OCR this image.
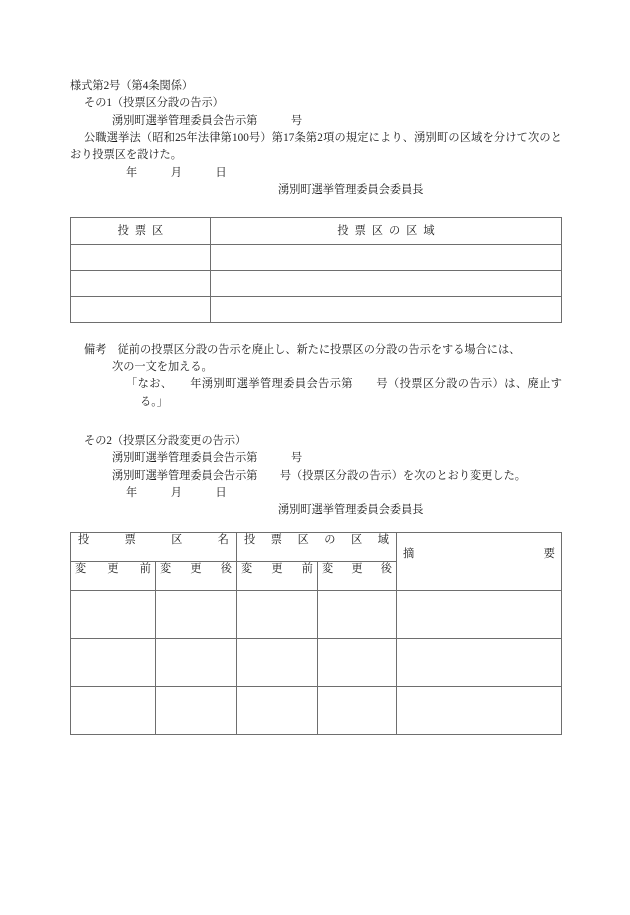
様式第2号（第4条関係）
その1（投票区分設の告示）
湧別町選挙管理委員会告示第　　　号
公職選挙法（昭和25年法律第100号）第17条第2項の規定により、湧別町の区域を分けて次のとおり投票区を設けた。
年　　　月　　　日
湧別町選挙管理委員会委員長
投票区	投票区の区域

備考　 従前の投票区分設の告示を廃止し、新たに投票区の分設の告示をする場合には、
次の一文を加える。
「なお、　　年湧別町選挙管理委員会告示第　　号（投票区分設の告示）は、廃止する。」
その2（投票区分設変更の告示）
湧別町選挙管理委員会告示第　　　号
湧別町選挙管理委員会告示第　　号（投票区分設の告示）を次のとおり変更した。
年　　　月　　　日
湧別町選挙管理委員会委員長
投票区名		投票区の区域		摘要

変更前	変更後	変更前	変更後	
